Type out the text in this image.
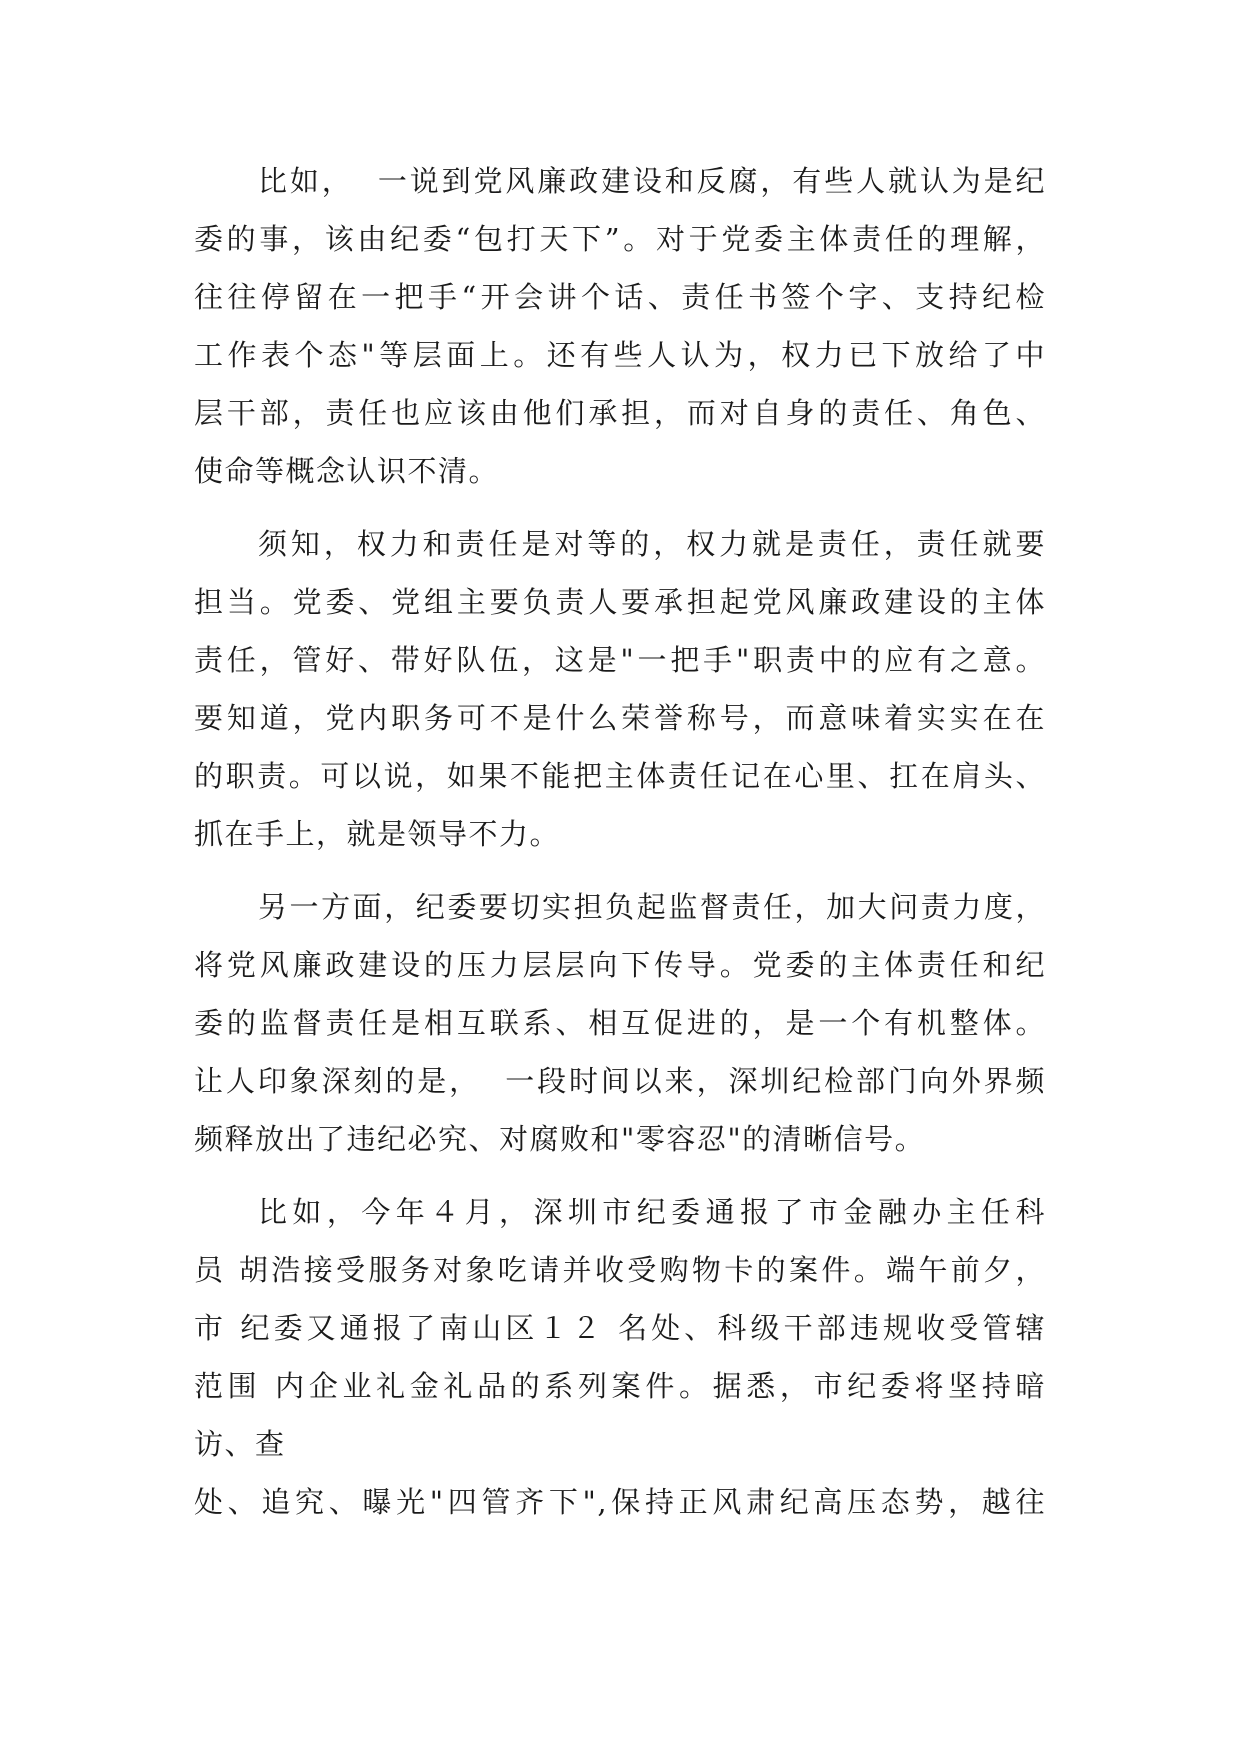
比如，  一说到党风廉政建设和反腐，有些人就认为是纪
委的事，该由纪委“包打天下”。对于党委主体责任的理解，
往往停留在一把手“开会讲个话、责任书签个字、支持纪检
工作表个态"等层面上。还有些人认为，权力已下放给了中
层干部，责任也应该由他们承担，而对自身的责任、角色、
使命等概念认识不清。
须知，权力和责任是对等的，权力就是责任，责任就要
担当。党委、党组主要负责人要承担起党风廉政建设的主体
责任，管好、带好队伍，这是"一把手"职责中的应有之意。
要知道，党内职务可不是什么荣誉称号，而意味着实实在在
的职责。可以说，如果不能把主体责任记在心里、扛在肩头、
抓在手上，就是领导不力。
另一方面，纪委要切实担负起监督责任，加大问责力度，
将党风廉政建设的压力层层向下传导。党委的主体责任和纪
委的监督责任是相互联系、相互促进的，是一个有机整体。
让人印象深刻的是，  一段时间以来，深圳纪检部门向外界频
频释放出了违纪必究、对腐败和"零容忍"的清晰信号。
比如，今年４月，深圳市纪委通报了市金融办主任科
员 胡浩接受服务对象吃请并收受购物卡的案件。端午前夕，
市 纪委又通报了南山区１２ 名处、科级干部违规收受管辖
范围 内企业礼金礼品的系列案件。据悉，市纪委将坚持暗
访、查
处、追究、曝光"四管齐下",保持正风肃纪高压态势，越往
